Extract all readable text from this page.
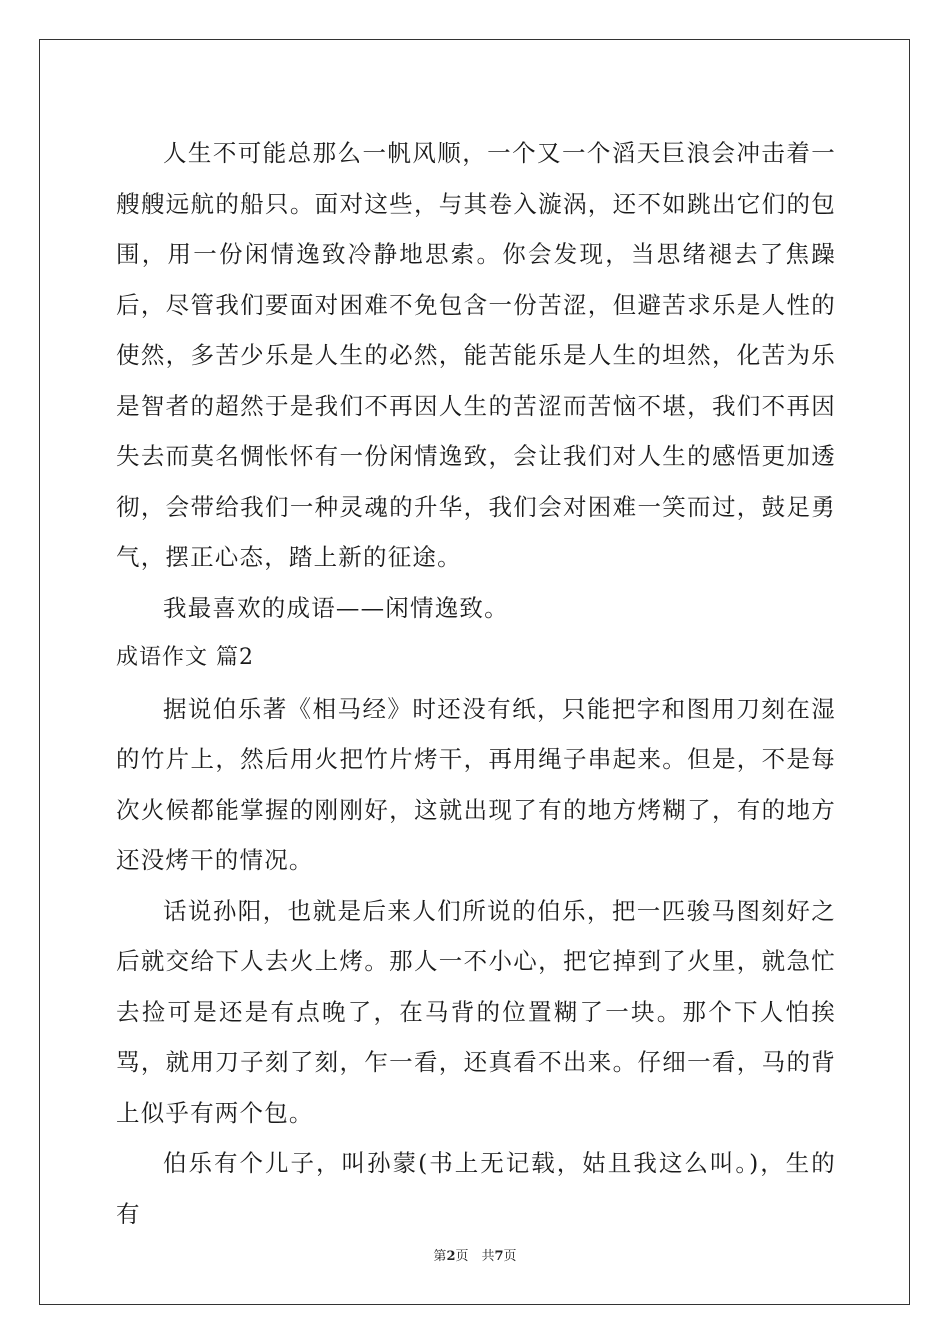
人生不可能总那么一帆风顺，一个又一个滔天巨浪会冲击着一艘艘远航的船只。面对这些，与其卷入漩涡，还不如跳出它们的包围，用一份闲情逸致冷静地思索。你会发现，当思绪褪去了焦躁后，尽管我们要面对困难不免包含一份苦涩，但避苦求乐是人性的使然，多苦少乐是人生的必然，能苦能乐是人生的坦然，化苦为乐是智者的超然于是我们不再因人生的苦涩而苦恼不堪，我们不再因失去而莫名惆怅怀有一份闲情逸致，会让我们对人生的感悟更加透彻，会带给我们一种灵魂的升华，我们会对困难一笑而过，鼓足勇气，摆正心态，踏上新的征途。

我最喜欢的成语——闲情逸致。

成语作文 篇2

据说伯乐著《相马经》时还没有纸，只能把字和图用刀刻在湿的竹片上，然后用火把竹片烤干，再用绳子串起来。但是，不是每次火候都能掌握的刚刚好，这就出现了有的地方烤糊了，有的地方还没烤干的情况。

话说孙阳，也就是后来人们所说的伯乐，把一匹骏马图刻好之后就交给下人去火上烤。那人一不小心，把它掉到了火里，就急忙去捡可是还是有点晚了，在马背的位置糊了一块。那个下人怕挨骂，就用刀子刻了刻，乍一看，还真看不出来。仔细一看，马的背上似乎有两个包。

伯乐有个儿子，叫孙蒙(书上无记载，姑且我这么叫。)，生的有

第2页　共7页
